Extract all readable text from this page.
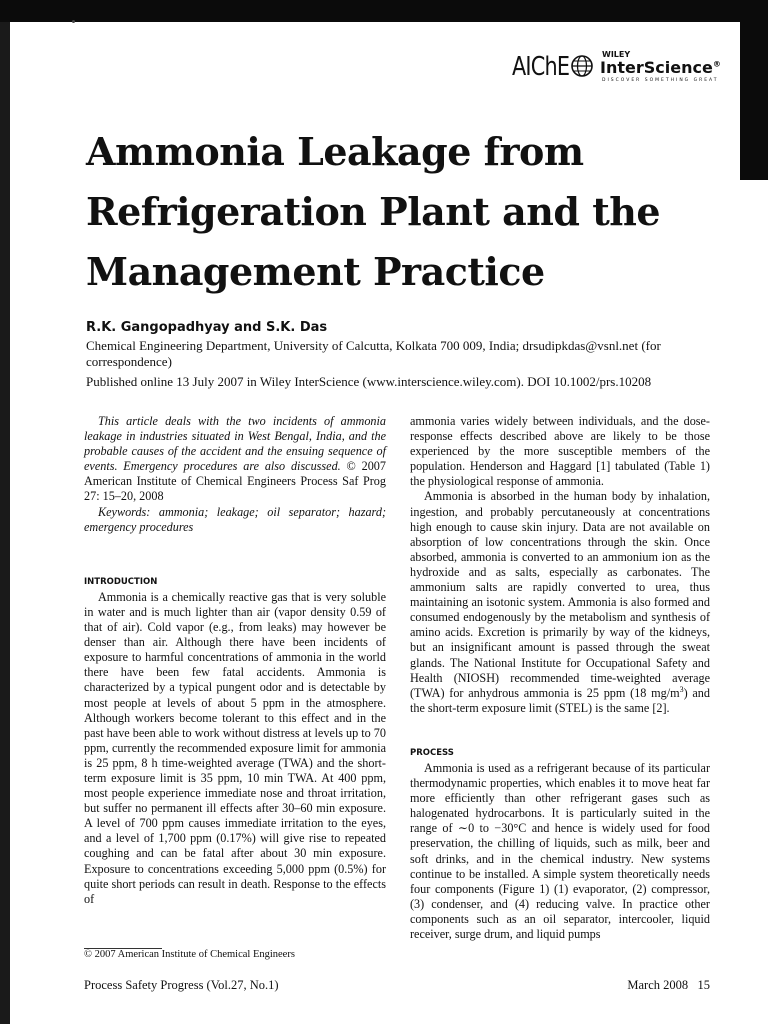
AIChE	WILEY
InterScience®
DISCOVER SOMETHING GREAT
Ammonia Leakage from
Refrigeration Plant and the
Management Practice
R.K. Gangopadhyay and S.K. Das
Chemical Engineering Department, University of Calcutta, Kolkata 700 009, India; drsudipkdas@vsnl.net (for correspondence)
Published online 13 July 2007 in Wiley InterScience (www.interscience.wiley.com). DOI 10.1002/prs.10208

This article deals with the two incidents of ammonia leakage in industries situated in West Bengal, India, and the probable causes of the accident and the ensuing sequence of events. Emergency procedures are also discussed. © 2007 American Institute of Chemical Engineers Process Saf Prog 27: 15–20, 2008

Keywords: ammonia; leakage; oil separator; hazard; emergency procedures

INTRODUCTION

Ammonia is a chemically reactive gas that is very soluble in water and is much lighter than air (vapor density 0.59 of that of air). Cold vapor (e.g., from leaks) may however be denser than air. Although there have been incidents of exposure to harmful concentrations of ammonia in the world there have been few fatal accidents. Ammonia is characterized by a typical pungent odor and is detectable by most people at levels of about 5 ppm in the atmosphere. Although workers become tolerant to this effect and in the past have been able to work without distress at levels up to 70 ppm, currently the recommended exposure limit for ammonia is 25 ppm, 8 h time-weighted average (TWA) and the short-term exposure limit is 35 ppm, 10 min TWA. At 400 ppm, most people experience immediate nose and throat irritation, but suffer no permanent ill effects after 30–60 min exposure. A level of 700 ppm causes immediate irritation to the eyes, and a level of 1,700 ppm (0.17%) will give rise to repeated coughing and can be fatal after about 30 min exposure. Exposure to concentrations exceeding 5,000 ppm (0.5%) for quite short periods can result in death. Response to the effects of

ammonia varies widely between individuals, and the dose-response effects described above are likely to be those experienced by the more susceptible members of the population. Henderson and Haggard [1] tabulated (Table 1) the physiological response of ammonia.

Ammonia is absorbed in the human body by inhalation, ingestion, and probably percutaneously at concentrations high enough to cause skin injury. Data are not available on absorption of low concentrations through the skin. Once absorbed, ammonia is converted to an ammonium ion as the hydroxide and as salts, especially as carbonates. The ammonium salts are rapidly converted to urea, thus maintaining an isotonic system. Ammonia is also formed and consumed endogenously by the metabolism and synthesis of amino acids. Excretion is primarily by way of the kidneys, but an insignificant amount is passed through the sweat glands. The National Institute for Occupational Safety and Health (NIOSH) recommended time-weighted average (TWA) for anhydrous ammonia is 25 ppm (18 $mg/m^3$) and the short-term exposure limit (STEL) is the same [2].

PROCESS

Ammonia is used as a refrigerant because of its particular thermodynamic properties, which enables it to move heat far more efficiently than other refrigerant gases such as halogenated hydrocarbons. It is particularly suited in the range of ∼0 to −30°C and hence is widely used for food preservation, the chilling of liquids, such as milk, beer and soft drinks, and in the chemical industry. New systems continue to be installed. A simple system theoretically needs four components (Figure 1) (1) evaporator, (2) compressor, (3) condenser, and (4) reducing valve. In practice other components such as an oil separator, intercooler, liquid receiver, surge drum, and liquid pumps

© 2007 American Institute of Chemical Engineers
Process Safety Progress (Vol.27, No.1)	March 2008   15
